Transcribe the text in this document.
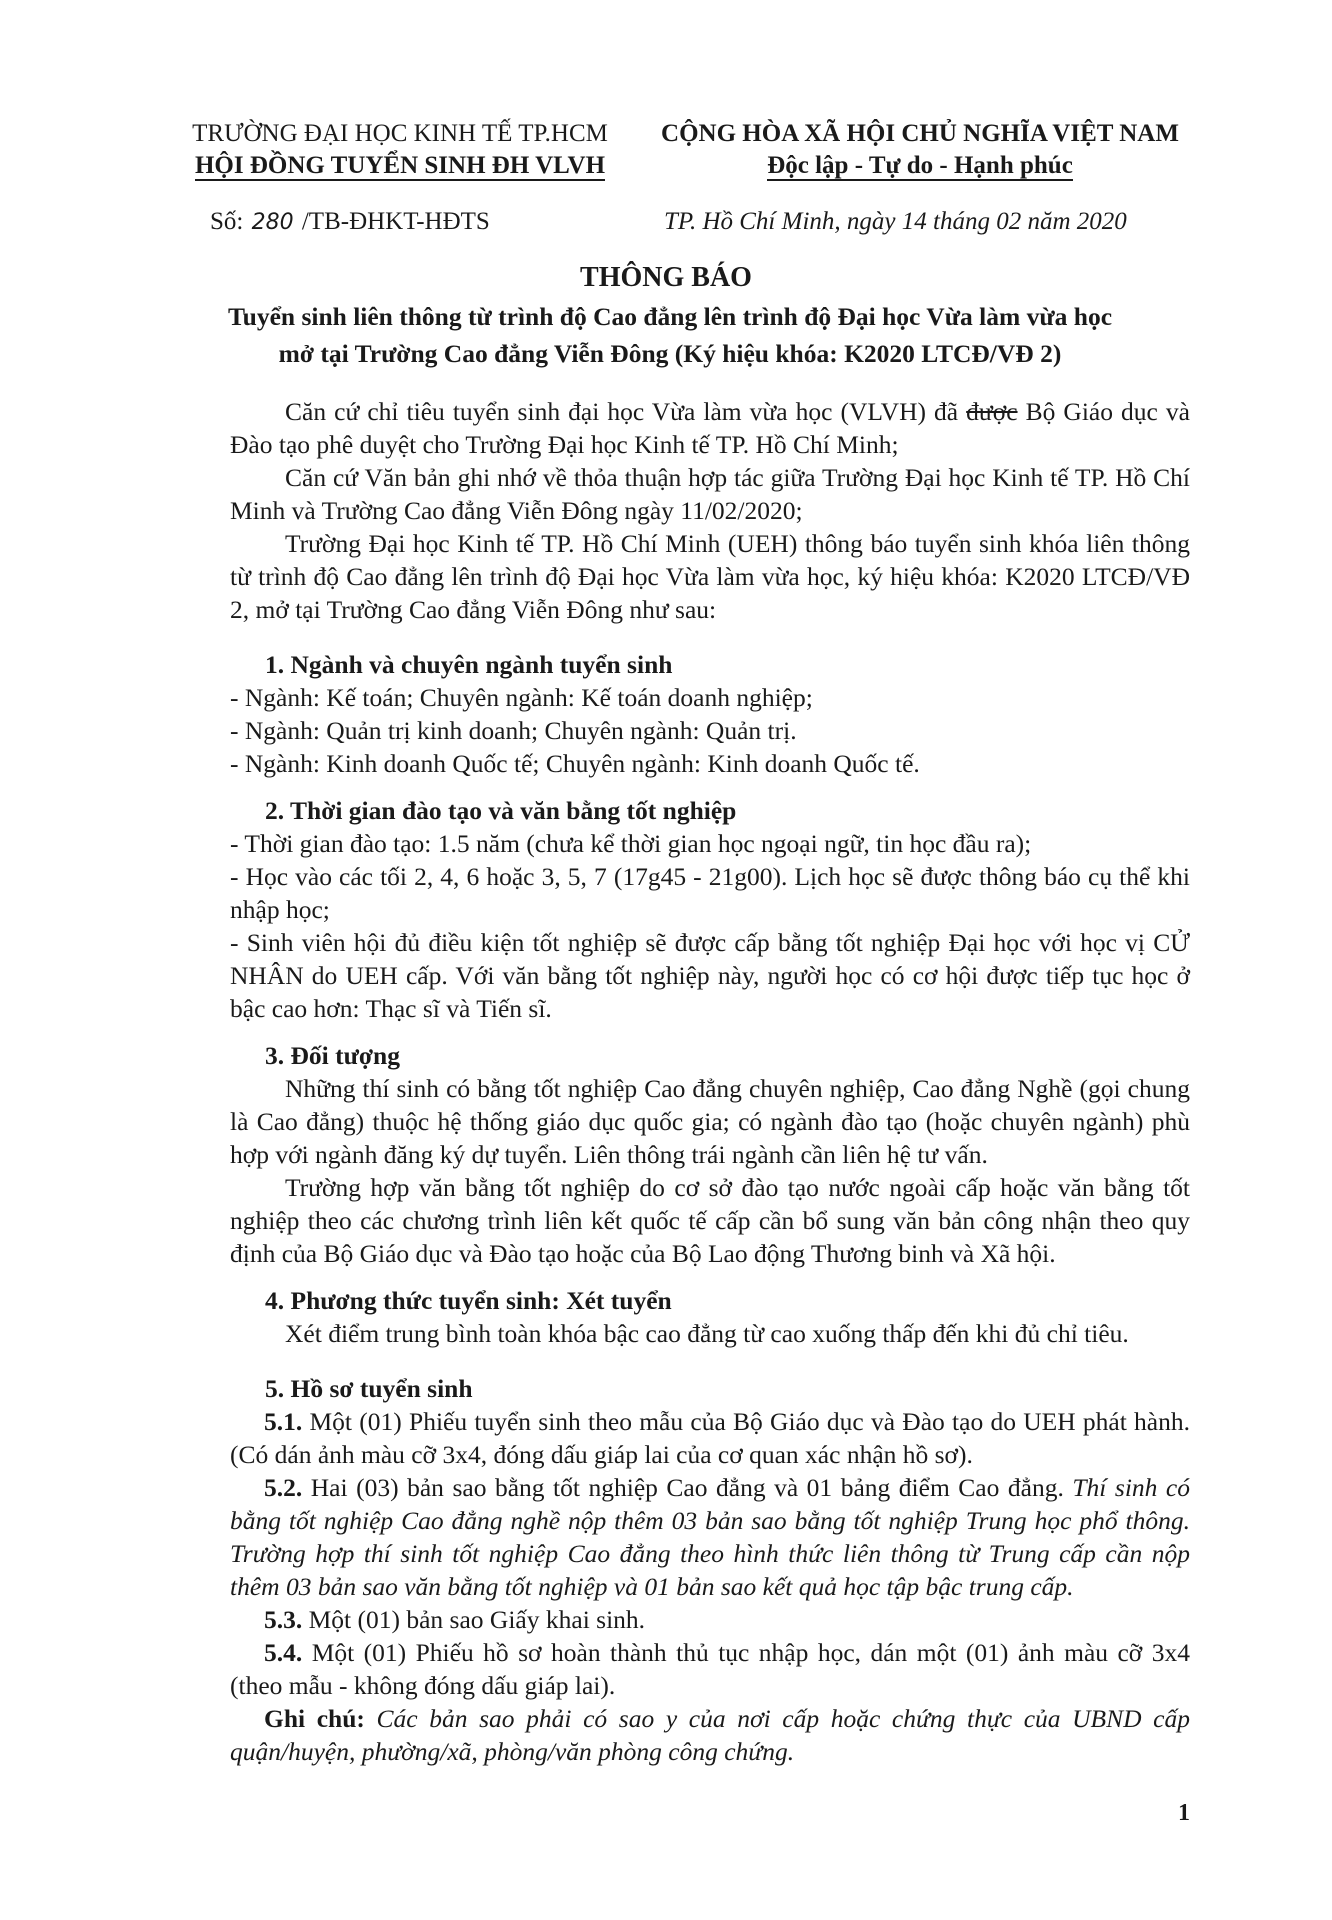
TRƯỜNG ĐẠI HỌC KINH TẾ TP.HCM
HỘI ĐỒNG TUYỂN SINH ĐH VLVH
CỘNG HÒA XÃ HỘI CHỦ NGHĨA VIỆT NAM
Độc lập - Tự do - Hạnh phúc
Số: 280 /TB-ĐHKT-HĐTS	TP. Hồ Chí Minh, ngày 14 tháng 02 năm 2020
THÔNG BÁO
Tuyển sinh liên thông từ trình độ Cao đẳng lên trình độ Đại học Vừa làm vừa học
mở tại Trường Cao đẳng Viễn Đông (Ký hiệu khóa: K2020 LTCĐ/VĐ 2)

Căn cứ chỉ tiêu tuyển sinh đại học Vừa làm vừa học (VLVH) đã được Bộ Giáo dục và Đào tạo phê duyệt cho Trường Đại học Kinh tế TP. Hồ Chí Minh;

Căn cứ Văn bản ghi nhớ về thỏa thuận hợp tác giữa Trường Đại học Kinh tế TP. Hồ Chí Minh và Trường Cao đẳng Viễn Đông ngày 11/02/2020;

Trường Đại học Kinh tế TP. Hồ Chí Minh (UEH) thông báo tuyển sinh khóa liên thông từ trình độ Cao đẳng lên trình độ Đại học Vừa làm vừa học, ký hiệu khóa: K2020 LTCĐ/VĐ 2, mở tại Trường Cao đẳng Viễn Đông như sau:

1. Ngành và chuyên ngành tuyển sinh

- Ngành: Kế toán; Chuyên ngành: Kế toán doanh nghiệp;

- Ngành: Quản trị kinh doanh; Chuyên ngành: Quản trị.

- Ngành: Kinh doanh Quốc tế; Chuyên ngành: Kinh doanh Quốc tế.

2. Thời gian đào tạo và văn bằng tốt nghiệp

- Thời gian đào tạo: 1.5 năm (chưa kể thời gian học ngoại ngữ, tin học đầu ra);

- Học vào các tối 2, 4, 6 hoặc 3, 5, 7 (17g45 - 21g00). Lịch học sẽ được thông báo cụ thể khi nhập học;

- Sinh viên hội đủ điều kiện tốt nghiệp sẽ được cấp bằng tốt nghiệp Đại học với học vị CỬ NHÂN do UEH cấp. Với văn bằng tốt nghiệp này, người học có cơ hội được tiếp tục học ở bậc cao hơn: Thạc sĩ và Tiến sĩ.

3. Đối tượng

Những thí sinh có bằng tốt nghiệp Cao đẳng chuyên nghiệp, Cao đẳng Nghề (gọi chung là Cao đẳng) thuộc hệ thống giáo dục quốc gia; có ngành đào tạo (hoặc chuyên ngành) phù hợp với ngành đăng ký dự tuyển. Liên thông trái ngành cần liên hệ tư vấn.

Trường hợp văn bằng tốt nghiệp do cơ sở đào tạo nước ngoài cấp hoặc văn bằng tốt nghiệp theo các chương trình liên kết quốc tế cấp cần bổ sung văn bản công nhận theo quy định của Bộ Giáo dục và Đào tạo hoặc của Bộ Lao động Thương binh và Xã hội.

4. Phương thức tuyển sinh: Xét tuyển

Xét điểm trung bình toàn khóa bậc cao đẳng từ cao xuống thấp đến khi đủ chỉ tiêu.

5. Hồ sơ tuyển sinh

5.1. Một (01) Phiếu tuyển sinh theo mẫu của Bộ Giáo dục và Đào tạo do UEH phát hành. (Có dán ảnh màu cỡ 3x4, đóng dấu giáp lai của cơ quan xác nhận hồ sơ).

5.2. Hai (03) bản sao bằng tốt nghiệp Cao đẳng và 01 bảng điểm Cao đẳng. Thí sinh có bằng tốt nghiệp Cao đẳng nghề nộp thêm 03 bản sao bằng tốt nghiệp Trung học phổ thông. Trường hợp thí sinh tốt nghiệp Cao đẳng theo hình thức liên thông từ Trung cấp cần nộp thêm 03 bản sao văn bằng tốt nghiệp và 01 bản sao kết quả học tập bậc trung cấp.

5.3. Một (01) bản sao Giấy khai sinh.

5.4. Một (01) Phiếu hồ sơ hoàn thành thủ tục nhập học, dán một (01) ảnh màu cỡ 3x4 (theo mẫu - không đóng dấu giáp lai).

Ghi chú: Các bản sao phải có sao y của nơi cấp hoặc chứng thực của UBND cấp quận/huyện, phường/xã, phòng/văn phòng công chứng.

1
